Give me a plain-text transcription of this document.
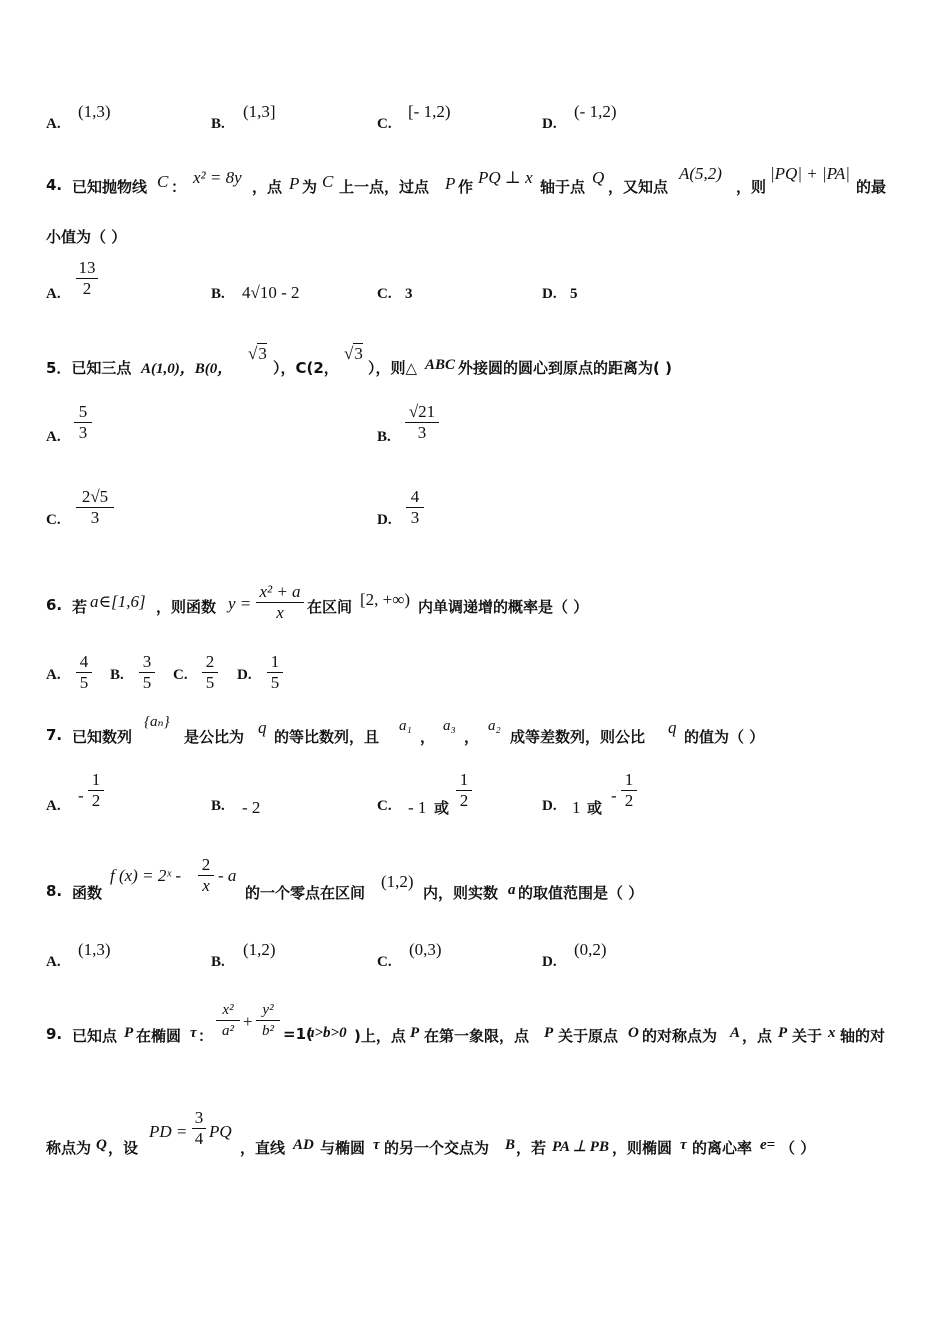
A.
(1,3)
B.
(1,3]
C.
[- 1,2)
D.
(- 1,2)
4. 已知抛物线 C ： x² = 8y ，点 P 为 C 上一点，过点 P 作 PQ ⊥ x 轴于点 Q ，又知点
A(5,2)
，则
|PQ| + |PA|
的最
小值为（ ）
A.
13
2	B. 4√10 - 2	C. 3	D. 5
5．已知三点 A(1,0)，B(0，
√3
），C(2，
√3
），则△ ABC 外接圆的圆心到原点的距离为( )
A.
5
3	B.
√21
3
C.
2√5
3	D.
4
3
6. 若 a∈[1,6] ，则函数 y =
x² + a
x	在区间 [2, +∞) 内单调递增的概率是（ ）
A.
4
5 B.
3
5 C.
2
5 D.
1
5
7. 已知数列
{aₙ}
是公比为 q 的等比数列，且
a₁
，
a₃
，
a₂
成等差数列，则公比 q 的值为（ ）
A.
-
1
2	B. - 2	C. - 1 或
1
2	D. 1 或
-
1
2
8. 函数
f (x) = 2ˣ -
2
x
- a
的一个零点在区间
(1,2)
内，则实数 a 的取值范围是（ ）
A.
(1,3)
B.
(1,2)
C.
(0,3)
D.
(0,2)
9. 已知点 P 在椭圆 τ ：
x²
a² +
y²
b² =1(
a>b>0 )上，点 P 在第一象限，点 P 关于原点 O 的对称点为 A ，点 P 关于 x 轴的对
称点为 Q ，设
PD =
3
4 PQ
，直线 AD 与椭圆 τ 的另一个交点为 B ，若 PA ⊥ PB ，则椭圆 τ 的离心率 e= （ ）
